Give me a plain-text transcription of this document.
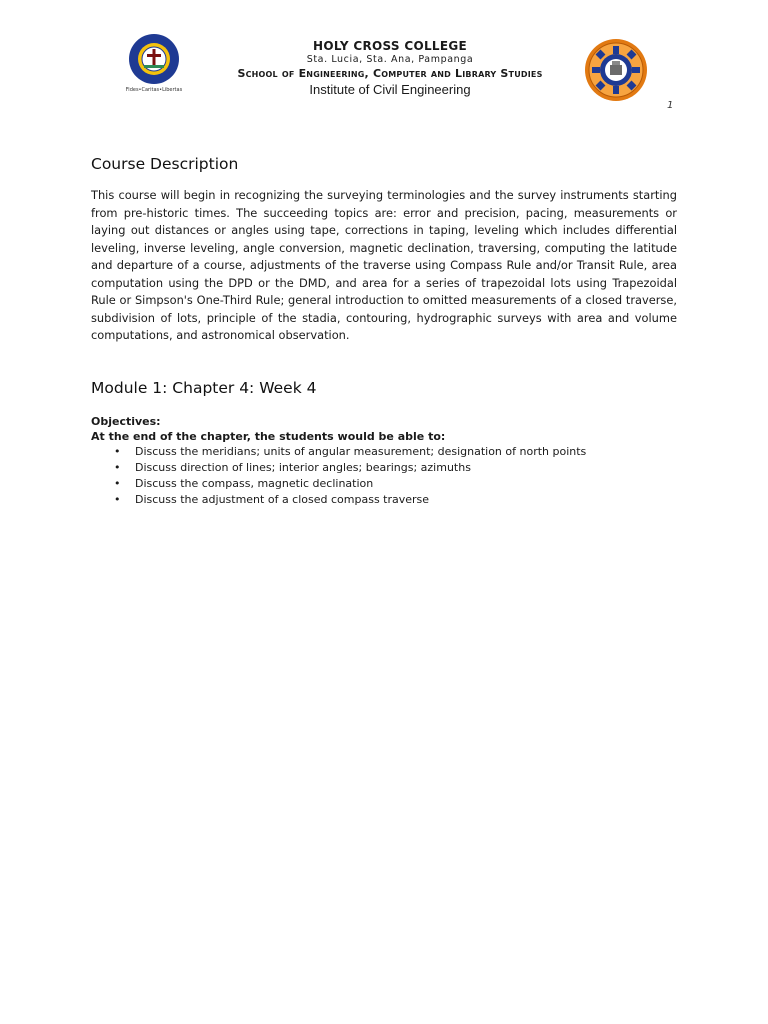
Fides•Caritas•Libertas
HOLY CROSS COLLEGE
Sta. Lucia, Sta. Ana, Pampanga
School of Engineering, Computer and Library Studies
Institute of Civil Engineering
1
Course Description

This course will begin in recognizing the surveying terminologies and the survey instruments starting from pre-historic times. The succeeding topics are: error and precision, pacing, measurements or laying out distances or angles using tape, corrections in taping, leveling which includes differential leveling, inverse leveling, angle conversion, magnetic declination, traversing, computing the latitude and departure of a course, adjustments of the traverse using Compass Rule and/or Transit Rule, area computation using the DPD or the DMD, and area for a series of trapezoidal lots using Trapezoidal Rule or Simpson's One-Third Rule; general introduction to omitted measurements of a closed traverse, subdivision of lots, principle of the stadia, contouring, hydrographic surveys with area and volume computations, and astronomical observation.

Module 1: Chapter 4: Week 4
Objectives:
At the end of the chapter, the students would be able to:
• Discuss the meridians; units of angular measurement; designation of north points
• Discuss direction of lines; interior angles; bearings; azimuths
• Discuss the compass, magnetic declination
• Discuss the adjustment of a closed compass traverse
